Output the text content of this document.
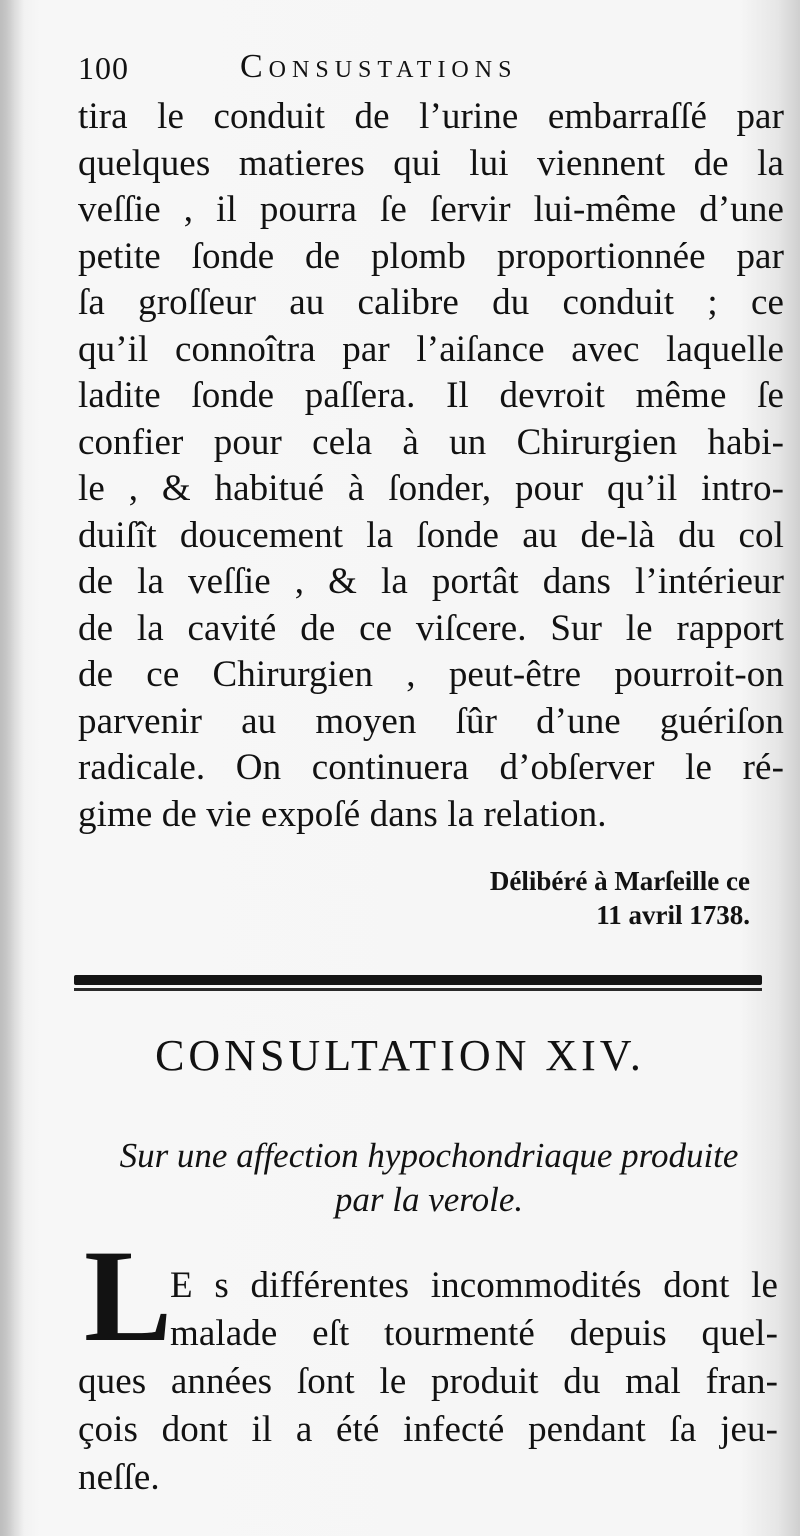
100	Consustations
tira le conduit de l’urine embarraſſé par
quelques matieres qui lui viennent de la
veſſie , il pourra ſe ſervir lui-même d’une
petite ſonde de plomb proportionnée par
ſa groſſeur au calibre du conduit ; ce
qu’il connoîtra par l’aiſance avec laquelle
ladite ſonde paſſera. Il devroit même ſe
confier pour cela à un Chirurgien habi-
le , & habitué à ſonder, pour qu’il intro-
duiſît doucement la ſonde au de-là du col
de la veſſie , & la portât dans l’intérieur
de la cavité de ce viſcere. Sur le rapport
de ce Chirurgien , peut-être pourroit-on
parvenir au moyen ſûr d’une guériſon
radicale. On continuera d’obſerver le ré-
gime de vie expoſé dans la relation.
Délibéré à Marſeille ce
11 avril 1738.
CONSULTATION XIV.
Sur une affection hypochondriaque produite
par la verole.
L
E s différentes incommodités dont le
malade eſt tourmenté depuis quel-
ques années ſont le produit du mal fran-
çois dont il a été infecté pendant ſa jeu-
neſſe.
